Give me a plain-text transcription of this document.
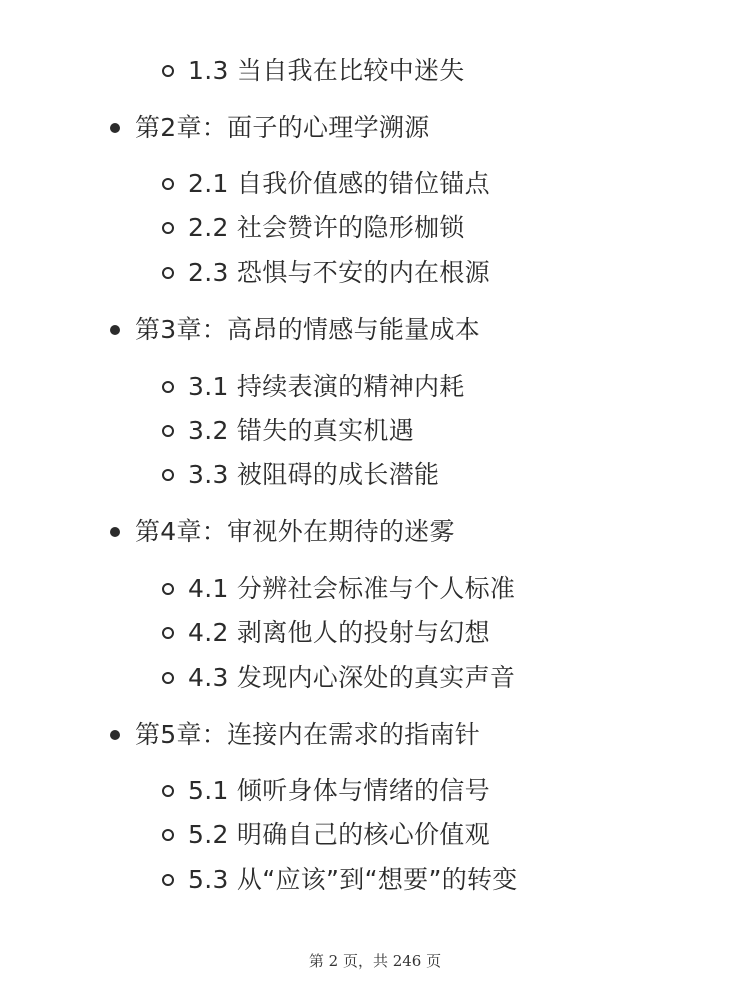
1.3 当自我在比较中迷失
第2章：面子的心理学溯源
2.1 自我价值感的错位锚点
2.2 社会赞许的隐形枷锁
2.3 恐惧与不安的内在根源
第3章：高昂的情感与能量成本
3.1 持续表演的精神内耗
3.2 错失的真实机遇
3.3 被阻碍的成长潜能
第4章：审视外在期待的迷雾
4.1 分辨社会标准与个人标准
4.2 剥离他人的投射与幻想
4.3 发现内心深处的真实声音
第5章：连接内在需求的指南针
5.1 倾听身体与情绪的信号
5.2 明确自己的核心价值观
5.3 从“应该”到“想要”的转变
第 2 页，共 246 页
